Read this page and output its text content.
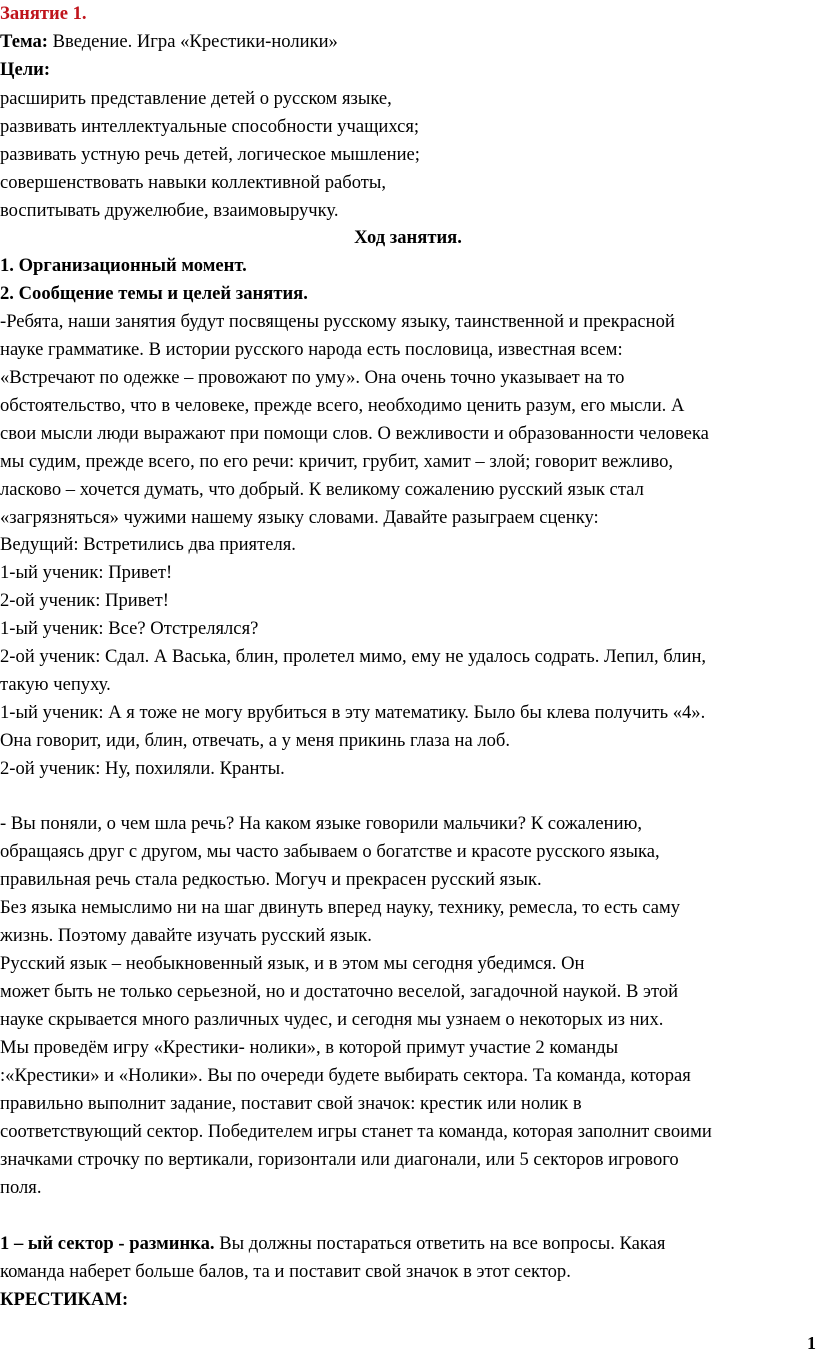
Занятие 1.
Тема: Введение. Игра «Крестики-нолики»
Цели:
расширить представление детей о русском языке,
развивать интеллектуальные способности учащихся;
развивать устную речь детей, логическое мышление;
совершенствовать навыки коллективной работы,
воспитывать дружелюбие, взаимовыручку.
Ход занятия.
1. Организационный момент.
2. Сообщение темы и целей занятия.
-Ребята, наши занятия будут посвящены русскому языку, таинственной и прекрасной
науке грамматике. В истории русского народа есть пословица, известная всем:
«Встречают по одежке – провожают по уму». Она очень точно указывает на то
обстоятельство, что в человеке, прежде всего, необходимо ценить разум, его мысли. А
свои мысли люди выражают при помощи слов. О вежливости и образованности человека
мы судим, прежде всего, по его речи: кричит, грубит, хамит – злой; говорит вежливо,
ласково – хочется думать, что добрый. К великому сожалению русский язык стал
«загрязняться» чужими нашему языку словами. Давайте разыграем сценку:
Ведущий: Встретились два приятеля.
1-ый ученик: Привет!
2-ой ученик: Привет!
1-ый ученик: Все? Отстрелялся?
2-ой ученик: Сдал. А Васька, блин, пролетел мимо, ему не удалось содрать. Лепил, блин,
такую чепуху.
1-ый ученик: А я тоже не могу врубиться в эту математику. Было бы клева получить «4».
Она говорит, иди, блин, отвечать, а у меня прикинь глаза на лоб.
2-ой ученик: Ну, похиляли. Кранты.
- Вы поняли, о чем шла речь? На каком языке говорили мальчики? К сожалению,
обращаясь друг с другом, мы часто забываем о богатстве и красоте русского языка,
правильная речь стала редкостью. Могуч и прекрасен русский язык.
Без языка немыслимо ни на шаг двинуть вперед науку, технику, ремесла, то есть саму
жизнь. Поэтому давайте изучать русский язык.
Русский язык – необыкновенный язык, и в этом мы сегодня убедимся. Он
может быть не только серьезной, но и достаточно веселой, загадочной наукой. В этой
науке скрывается много различных чудес, и сегодня мы узнаем о некоторых из них.
Мы проведём игру «Крестики- нолики», в которой примут участие 2 команды
:«Крестики» и «Нолики». Вы по очереди будете выбирать сектора. Та команда, которая
правильно выполнит задание, поставит свой значок: крестик или нолик в
соответствующий сектор. Победителем игры станет та команда, которая заполнит своими
значками строчку по вертикали, горизонтали или диагонали, или 5 секторов игрового
поля.
1 – ый сектор - разминка. Вы должны постараться ответить на все вопросы. Какая
команда наберет больше балов, та и поставит свой значок в этот сектор.
КРЕСТИКАМ:
1
